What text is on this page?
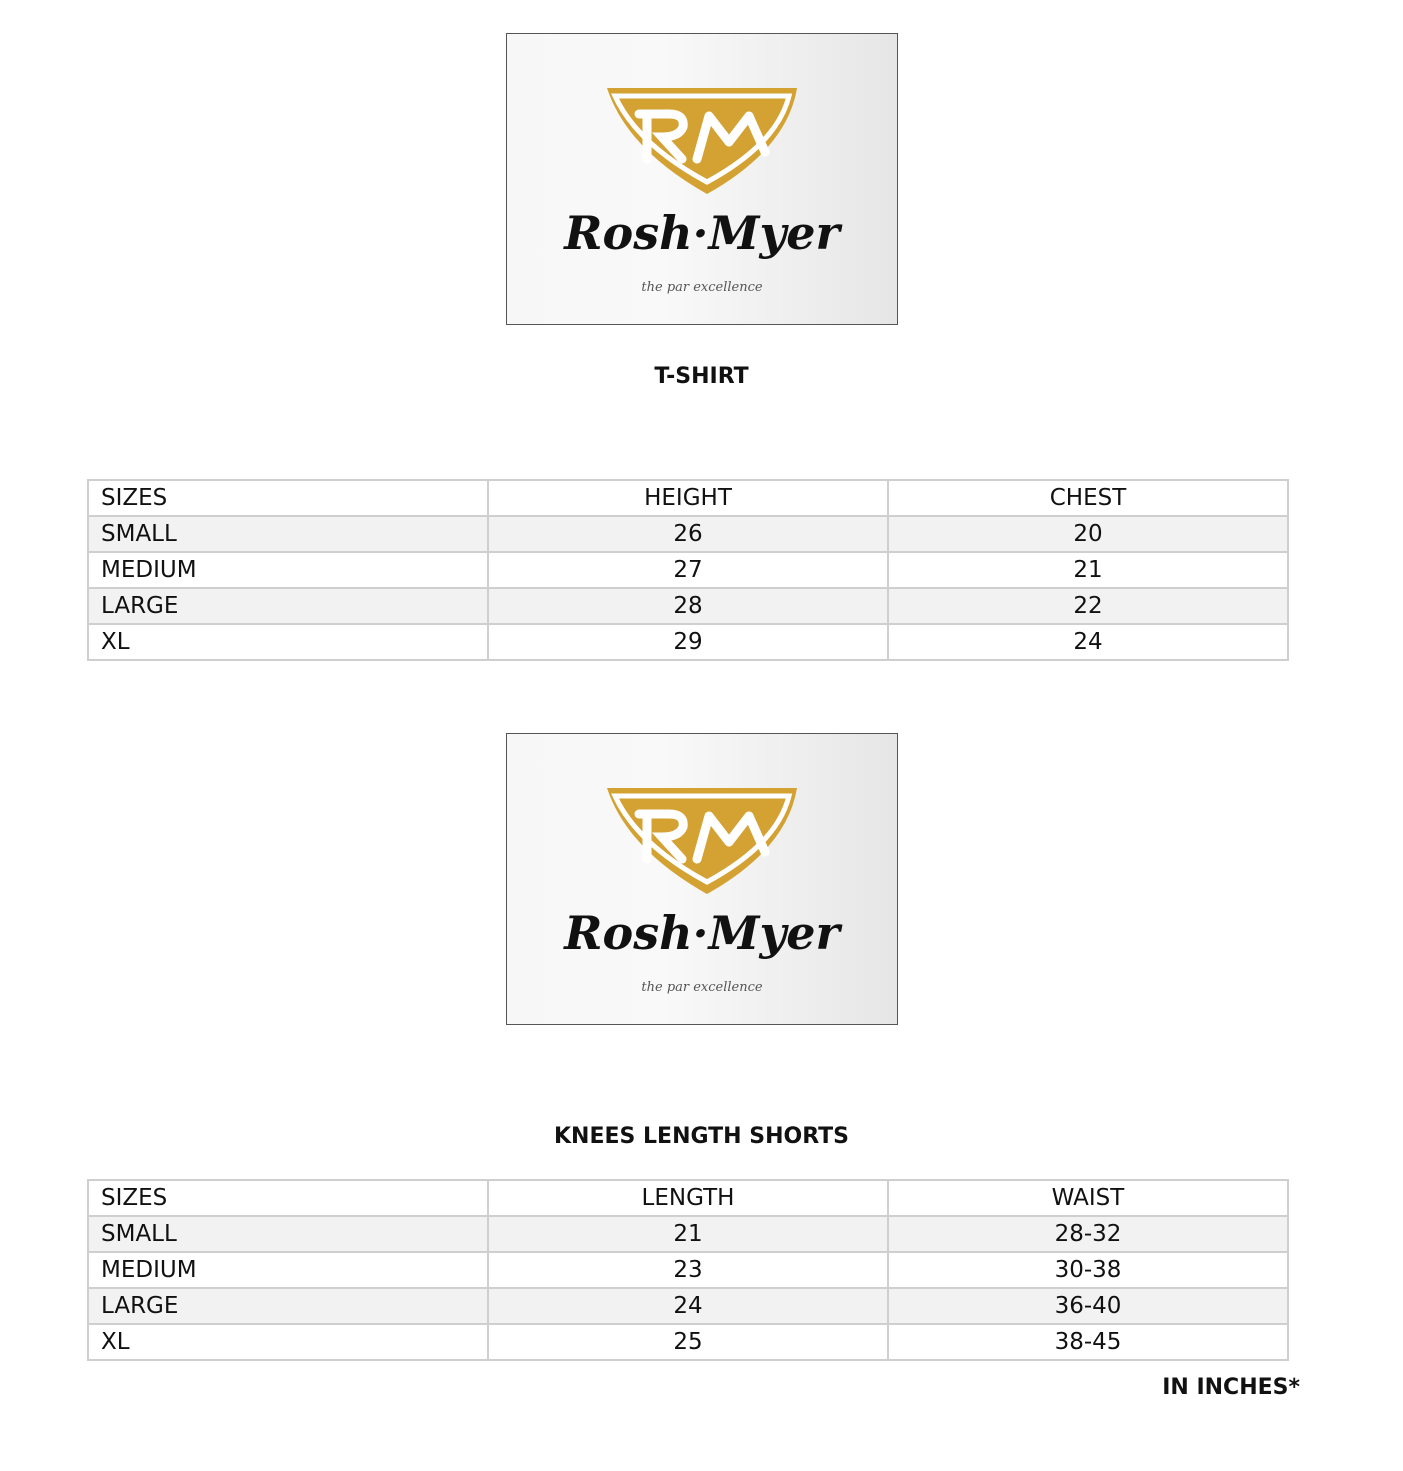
Rosh·Myer
the par excellence
T-SHIRT
SIZES	HEIGHT	CHEST
SMALL	26	20
MEDIUM	27	21
LARGE	28	22
XL	29	24
Rosh·Myer
the par excellence
KNEES LENGTH SHORTS
SIZES	LENGTH	WAIST
SMALL	21	28-32
MEDIUM	23	30-38
LARGE	24	36-40
XL	25	38-45
IN INCHES*
